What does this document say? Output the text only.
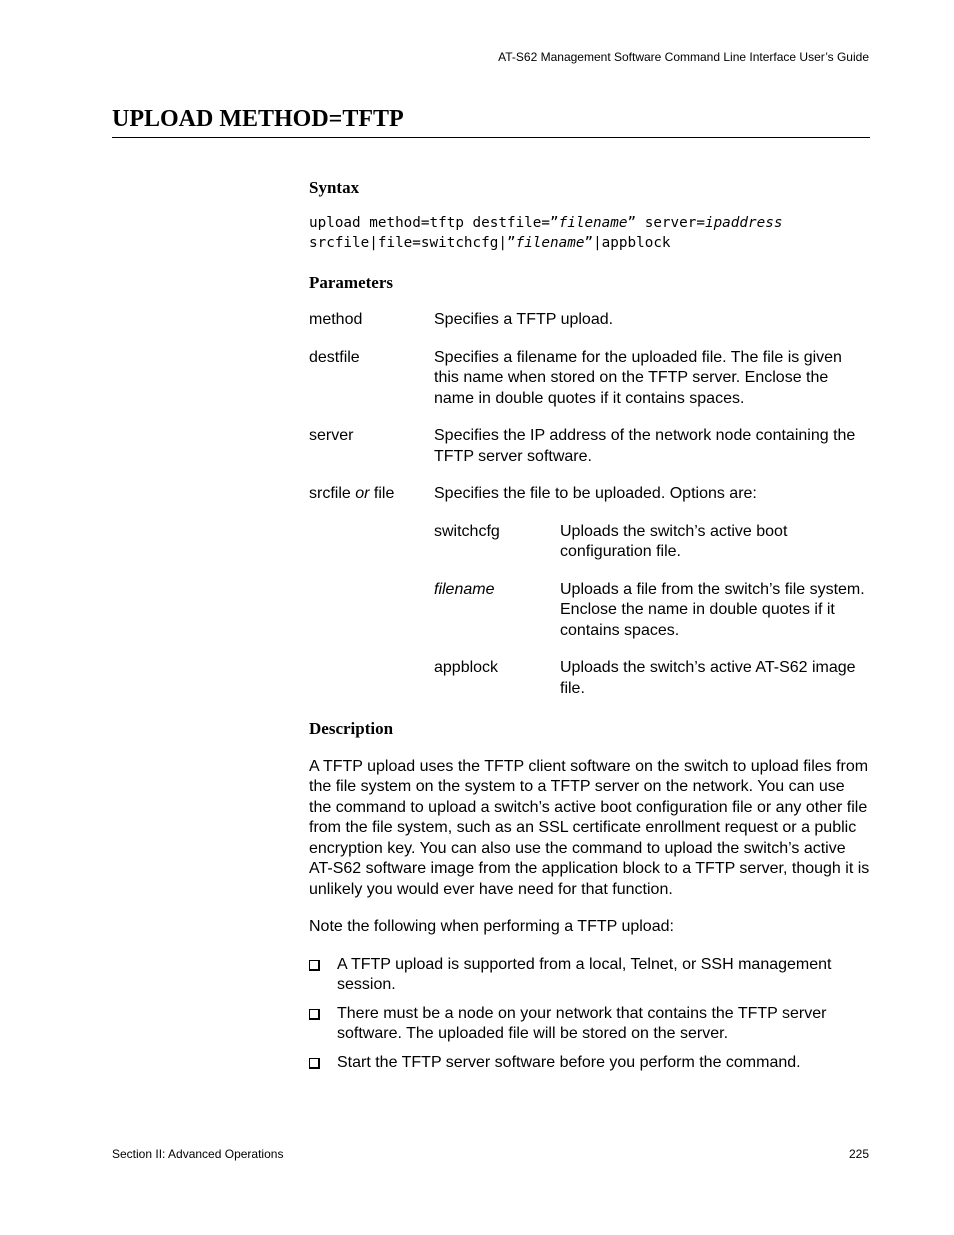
AT-S62 Management Software Command Line Interface User’s Guide
UPLOAD METHOD=TFTP
Syntax
upload method=tftp destfile=”filename” server=ipaddress
srcfile|file=switchcfg|”filename”|appblock
Parameters
method	Specifies a TFTP upload.
destfile	Specifies a filename for the uploaded file. The file is given this name when stored on the TFTP server. Enclose the name in double quotes if it contains spaces.
server	Specifies the IP address of the network node containing the TFTP server software.
srcfile or file	Specifies the file to be uploaded. Options are:
switchcfg	Uploads the switch’s active boot configuration file.
filename	Uploads a file from the switch’s file system. Enclose the name in double quotes if it contains spaces.
appblock	Uploads the switch’s active AT-S62 image file.
Description

A TFTP upload uses the TFTP client software on the switch to upload files from the file system on the system to a TFTP server on the network. You can use the command to upload a switch’s active boot configuration file or any other file from the file system, such as an SSL certificate enrollment request or a public encryption key. You can also use the command to upload the switch’s active AT-S62 software image from the application block to a TFTP server, though it is unlikely you would ever have need for that function.

Note the following when performing a TFTP upload:

A TFTP upload is supported from a local, Telnet, or SSH management session.
There must be a node on your network that contains the TFTP server software. The uploaded file will be stored on the server.
Start the TFTP server software before you perform the command.
Section II: Advanced Operations	225
